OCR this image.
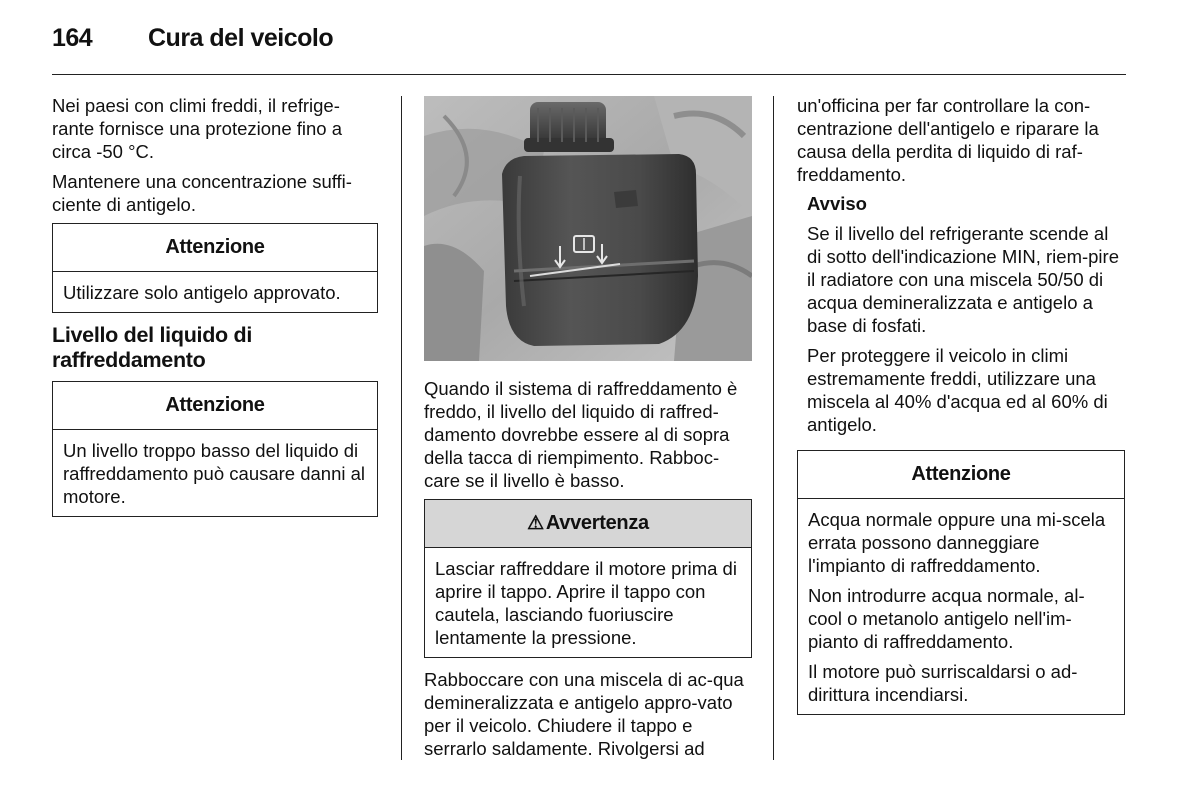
164 Cura del veicolo

Nei paesi con climi freddi, il refrige-rante fornisce una protezione fino a circa -50 °C.

Mantenere una concentrazione suffi-ciente di antigelo.

Attenzione

Utilizzare solo antigelo approvato.

Livello del liquido di raffreddamento
Attenzione

Un livello troppo basso del liquido di raffreddamento può causare danni al motore.

Quando il sistema di raffreddamento è freddo, il livello del liquido di raffred-damento dovrebbe essere al di sopra della tacca di riempimento. Rabboc-care se il livello è basso.

⚠ Avvertenza

Lasciar raffreddare il motore prima di aprire il tappo. Aprire il tappo con cautela, lasciando fuoriuscire lentamente la pressione.

Rabboccare con una miscela di ac-qua demineralizzata e antigelo appro-vato per il veicolo. Chiudere il tappo e serrarlo saldamente. Rivolgersi ad

un'officina per far controllare la con-centrazione dell'antigelo e riparare la causa della perdita di liquido di raf-freddamento.

Avviso

Se il livello del refrigerante scende al di sotto dell'indicazione MIN, riem-pire il radiatore con una miscela 50/50 di acqua demineralizzata e antigelo a base di fosfati.

Per proteggere il veicolo in climi estremamente freddi, utilizzare una miscela al 40% d'acqua ed al 60% di antigelo.

Attenzione

Acqua normale oppure una mi-scela errata possono danneggiare l'impianto di raffreddamento.

Non introdurre acqua normale, al-cool o metanolo antigelo nell'im-pianto di raffreddamento.

Il motore può surriscaldarsi o ad-dirittura incendiarsi.
